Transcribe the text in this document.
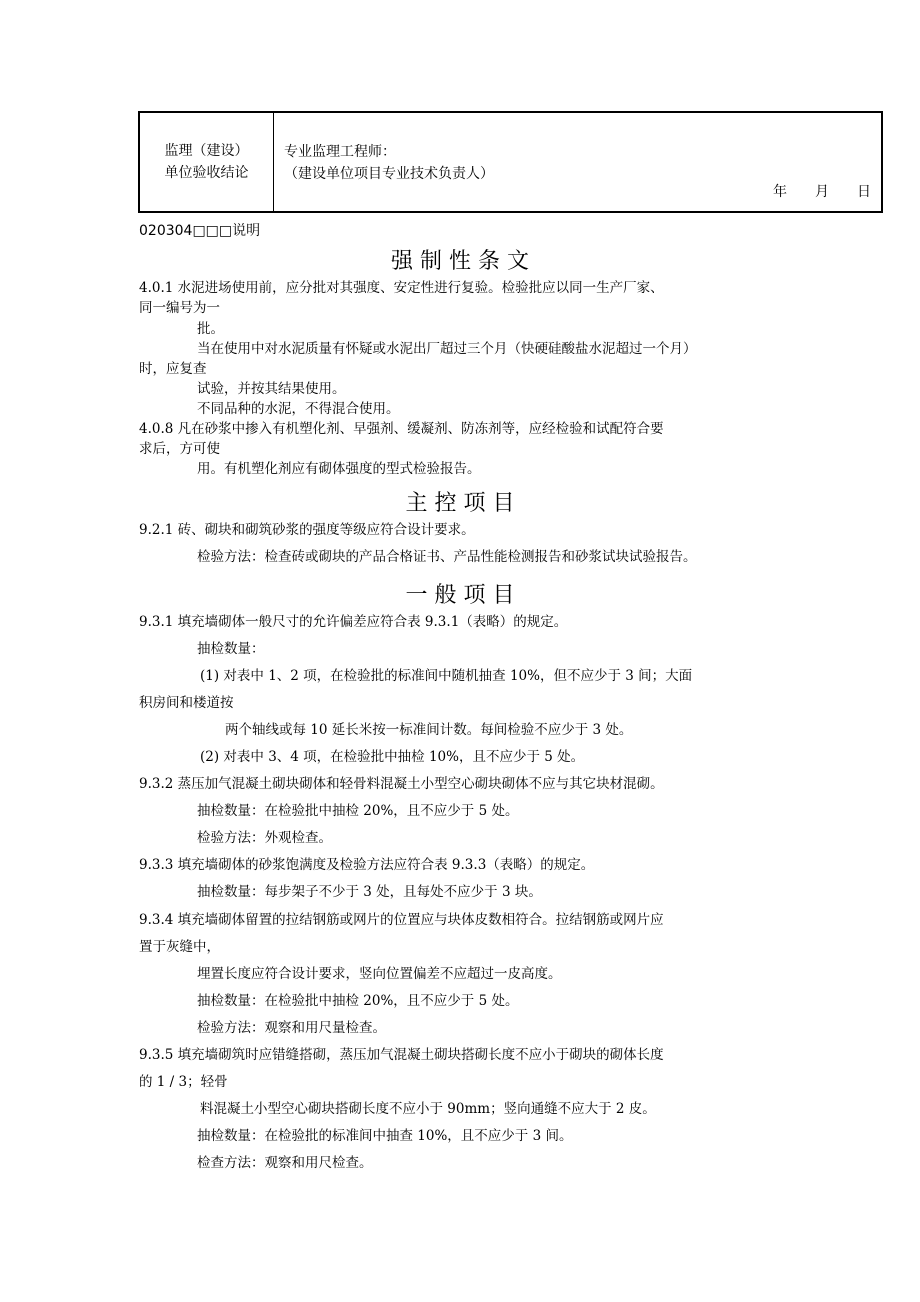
监理（建设）
单位验收结论
专业监理工程师：
（建设单位项目专业技术负责人）
年 月 日
020304□□□说明
强 制 性 条 文
4.0.1 水泥进场使用前，应分批对其强度、安定性进行复验。检验批应以同一生产厂家、
同一编号为一
批。
当在使用中对水泥质量有怀疑或水泥出厂超过三个月（快硬硅酸盐水泥超过一个月）
时，应复查
试验，并按其结果使用。
不同品种的水泥，不得混合使用。
4.0.8 凡在砂浆中掺入有机塑化剂、早强剂、缓凝剂、防冻剂等，应经检验和试配符合要
求后，方可使
用。有机塑化剂应有砌体强度的型式检验报告。
主 控 项 目
9.2.1 砖、砌块和砌筑砂浆的强度等级应符合设计要求。
检验方法：检查砖或砌块的产品合格证书、产品性能检测报告和砂浆试块试验报告。
一 般 项 目
9.3.1 填充墙砌体一般尺寸的允许偏差应符合表 9.3.1（表略）的规定。
抽检数量：
(1) 对表中 1、2 项，在检验批的标准间中随机抽查 10%，但不应少于 3 间；大面
积房间和楼道按
两个轴线或每 10 延长米按一标准间计数。每间检验不应少于 3 处。
(2) 对表中 3、4 项，在检验批中抽检 10%，且不应少于 5 处。
9.3.2 蒸压加气混凝土砌块砌体和轻骨料混凝土小型空心砌块砌体不应与其它块材混砌。
抽检数量：在检验批中抽检 20%，且不应少于 5 处。
检验方法：外观检查。
9.3.3 填充墙砌体的砂浆饱满度及检验方法应符合表 9.3.3（表略）的规定。
抽检数量：每步架子不少于 3 处，且每处不应少于 3 块。
9.3.4 填充墙砌体留置的拉结钢筋或网片的位置应与块体皮数相符合。拉结钢筋或网片应
置于灰缝中，
埋置长度应符合设计要求，竖向位置偏差不应超过一皮高度。
抽检数量：在检验批中抽检 20%，且不应少于 5 处。
检验方法：观察和用尺量检查。
9.3.5 填充墙砌筑时应错缝搭砌，蒸压加气混凝土砌块搭砌长度不应小于砌块的砌体长度
的 1 / 3；轻骨
料混凝土小型空心砌块搭砌长度不应小于 90mm；竖向通缝不应大于 2 皮。
抽检数量：在检验批的标准间中抽查 10%，且不应少于 3 间。
检查方法：观察和用尺检查。
